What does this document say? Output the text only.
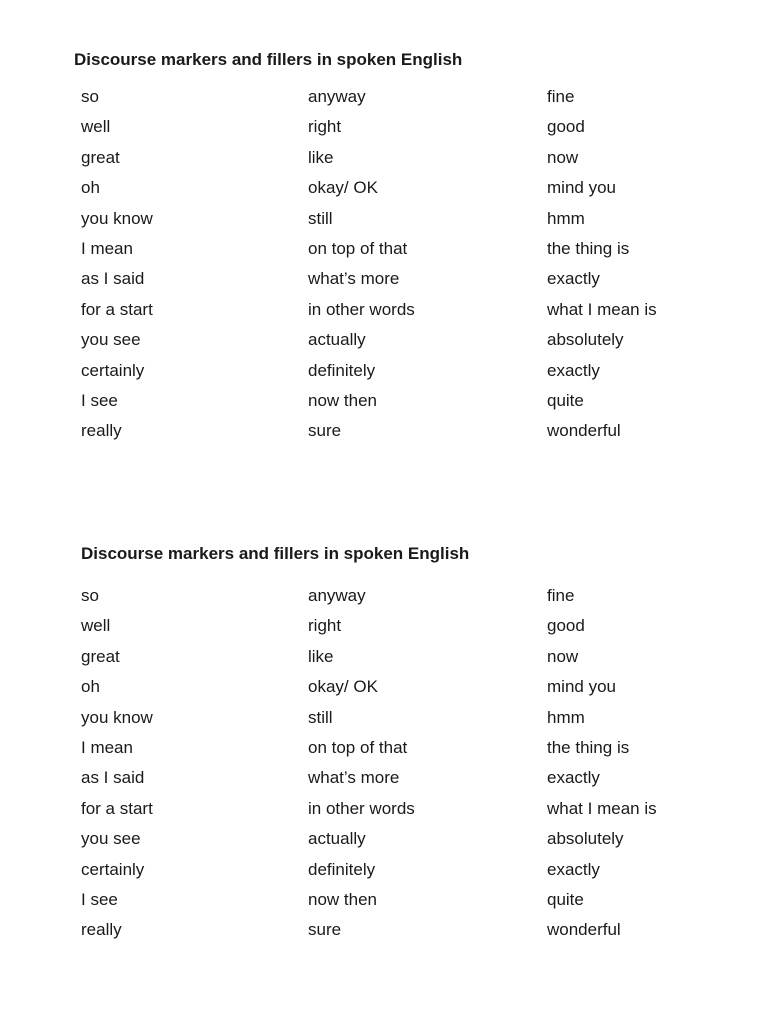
Discourse markers and fillers in spoken English
so
well
great
oh
you know
I mean
as I said
for a start
you see
certainly
I see
really
anyway
right
like
okay/ OK
still
on top of that
what’s more
in other words
actually
definitely
now then
sure
fine
good
now
mind you
hmm
the thing is
exactly
what I mean is
absolutely
exactly
quite
wonderful
Discourse markers and fillers in spoken English
so
well
great
oh
you know
I mean
as I said
for a start
you see
certainly
I see
really
anyway
right
like
okay/ OK
still
on top of that
what’s more
in other words
actually
definitely
now then
sure
fine
good
now
mind you
hmm
the thing is
exactly
what I mean is
absolutely
exactly
quite
wonderful
